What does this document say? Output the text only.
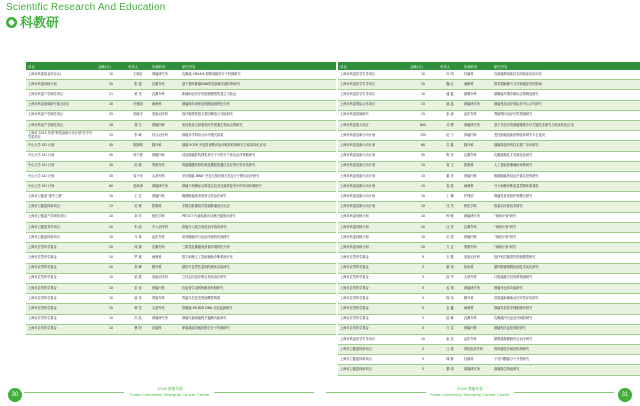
Scientific Research And Education
科教研
项目	金额(万)	负责人	所属科室	研究内容
上海市科委基金项目(1)	10	王晓红	肿瘤研究所	乳腺癌 CDK4/6 抑制剂耐药分子机制研究
上海市科委扬帆计划	20	张 强	乳腺外科	基于循环肿瘤DNA的乳腺癌早期诊断研究
上海市科委产学研医项目	21	黄 亮	乳腺外科	新辅助治疗疗效预测模型的建立与验证
上海市科委基础研究重点项目	20	许建明	病理科	肿瘤微环境免疫细胞浸润特征分析
上海市科委产学研医项目	20	郭晓平	放射治疗科	放疗敏感性相关基因筛选与功能研究
上海市科委产学研医项目	16	胡 宇	肿瘤内科	免疫检查点抑制剂疗效预测生物标志物研究
上海市 2015 年度"科技创新行动计划"医学引导类项目	15	李 峰	综合治疗科	肿瘤多学科综合诊疗模式探索
中山大学 SCI 计划	45	陈刚明	胸外科	肺癌 EGFR 突变患者靶向治疗耐药机制研究与临床转化应用
中山大学 SCI 计划	45	杨子豪	肿瘤内科	结直肠癌肝转移患者分子分型与个体化治疗策略研究
中山大学 SCI 计划	45	孙 敏	胃肠外科	胃癌腹膜转移机制及腹腔热灌注化疗的疗效评估研究
中山大学 SCI 计划	45	周小华	头颈外科	甲状腺癌 BRAF 突变与预后相关性及分子靶向治疗研究
中山大学 SCI 计划	60	赵海涛	肿瘤研究所	肿瘤干细胞标志物鉴定及其在耐药复发中的作用机制研究
上海市卫健委"重中之重"	10	王 宏	肿瘤内科	晚期肿瘤患者营养支持治疗研究
上海市卫健委科研项目	12	吴 敏	影像科	多模态影像组学预测肿瘤治疗反应
上海市卫健委产学研医项目	10	刘 洋	核医学科	PET/CT 代谢参数评估淋巴瘤预后研究
上海市卫健委青年项目	10	朱 丽	介入治疗科	肝癌介入联合免疫治疗临床研究
上海市卫健委科研项目	10	马 林	泌尿外科	前列腺癌内分泌治疗耐药机制研究
上海市自然科学基金	10	何 静	乳腺外科	三阴性乳腺癌免疫微环境特征分析
上海市自然科学基金	10	罗 斌	病理科	数字病理人工智能辅助诊断系统开发
上海市自然科学基金	10	高 峰	胸外科	肺结节良恶性鉴别的液体活检研究
上海市自然科学基金	10	梁 晨	放射治疗科	立体定向放疗联合免疫治疗研究
上海市自然科学基金	10	宋 佳	肿瘤内科	抗血管生成药物耐药机制研究
上海市自然科学基金	10	唐 伟	胃肠外科	胃癌术后复发预测模型构建
上海市自然科学基金	10	韩 雪	头颈外科	鼻咽癌 EB 病毒 DNA 动态监测研究
上海市自然科学基金	10	冯 凯	肿瘤研究所	肿瘤代谢重编程关键酶功能研究
上海市自然科学基金	10	曹 阳	妇瘤科	卵巢癌铂类耐药相关分子机制研究
项目	金额(万)	负责人	所属科室	研究内容
上海市科委医学引导项目	10	叶 明	妇瘤科	宫颈癌筛查新技术的临床应用评价
上海市科委医学引导项目	10	魏 红	麻醉科	围术期麻醉方式对肿瘤复发的影响
上海市科委医学引导项目	10	潘 磊	胰腺外科	胰腺癌早期诊断标志物筛选研究
上海市科委国际合作项目	15	姚 晶	肿瘤研究所	肿瘤免疫治疗国际多中心合作研究
上海市科委基础研究	15	彭 涛	泌尿外科	肾癌靶向治疗疗效预测研究
上海市科委重大项目	800	邓 辉	肿瘤研究所	基于多组学的肿瘤精准诊疗关键技术研究与临床转化应用
上海市科委创新行动计划	150	范 宁	肿瘤内科	恶性肿瘤创新药物临床研究平台建设
上海市科委创新行动计划	60	苏 磊	胸外科	肺癌微创外科技术推广应用研究
上海市科委创新行动计划	30	程 芳	乳腺外科	乳腺癌保乳手术规范化研究
上海市科委创新行动计划	15	蒋 文	影像科	人工智能影像辅助诊断研究
上海市科委创新行动计划	15	董 亮	肿瘤内科	晚期肺癌免疫治疗真实世界研究
上海市科委创新行动计划	15	袁 波	病理科	分子病理诊断质量控制体系建设
上海市科委创新行动计划	10	丁 琳	护理部	肿瘤患者延续护理模式研究
上海市科委创新行动计划	10	任 杰	核医学科	核素治疗新技术研究
上海市科委扬帆计划	10	钟 敏	肿瘤研究所	"扬帆计划"研究
上海市科委扬帆计划	10	汪 洋	乳腺外科	"扬帆计划"研究
上海市科委扬帆计划	10	田 甜	肿瘤内科	"扬帆计划"研究
上海市科委扬帆计划	10	方 正	胃肠外科	"扬帆计划"研究
上海市自然科学基金	5	石 磊	放射治疗科	放疗相关肺损伤预测模型研究
上海市自然科学基金	5	夏 雨	检验科	循环肿瘤细胞检测技术优化研究
上海市自然科学基金	5	邵 华	头颈外科	口腔癌淋巴结转移预测研究
上海市自然科学基金	5	孟 琪	肿瘤研究所	肿瘤外泌体功能研究
上海市自然科学基金	5	熊 伟	胸外科	食管癌新辅助治疗疗效评估研究
上海市自然科学基金	5	金 鑫	病理科	肿瘤异质性单细胞测序研究
上海市自然科学基金	5	陆 敏	乳腺外科	乳腺癌内分泌治疗耐药研究
上海市自然科学基金	5	白 雪	肿瘤内科	肿瘤相关血栓预防研究
上海市科委医学引导项目	10	崔 浩	泌尿外科	膀胱癌保膀胱综合治疗研究
上海市卫健委科研项目	5	江 涛	骨软组织外科	骨肉瘤化疗耐药机制研究
上海市卫健委科研项目	5	谭 静	妇瘤科	子宫内膜癌分子分型研究
上海市卫健委科研项目	5	黎 明	肿瘤研究所	肿瘤微生物组研究
30
2016 肿瘤年报
Fudan University Shanghai Cancer Center
2016 肿瘤年报
Fudan University Shanghai Cancer Center	31
